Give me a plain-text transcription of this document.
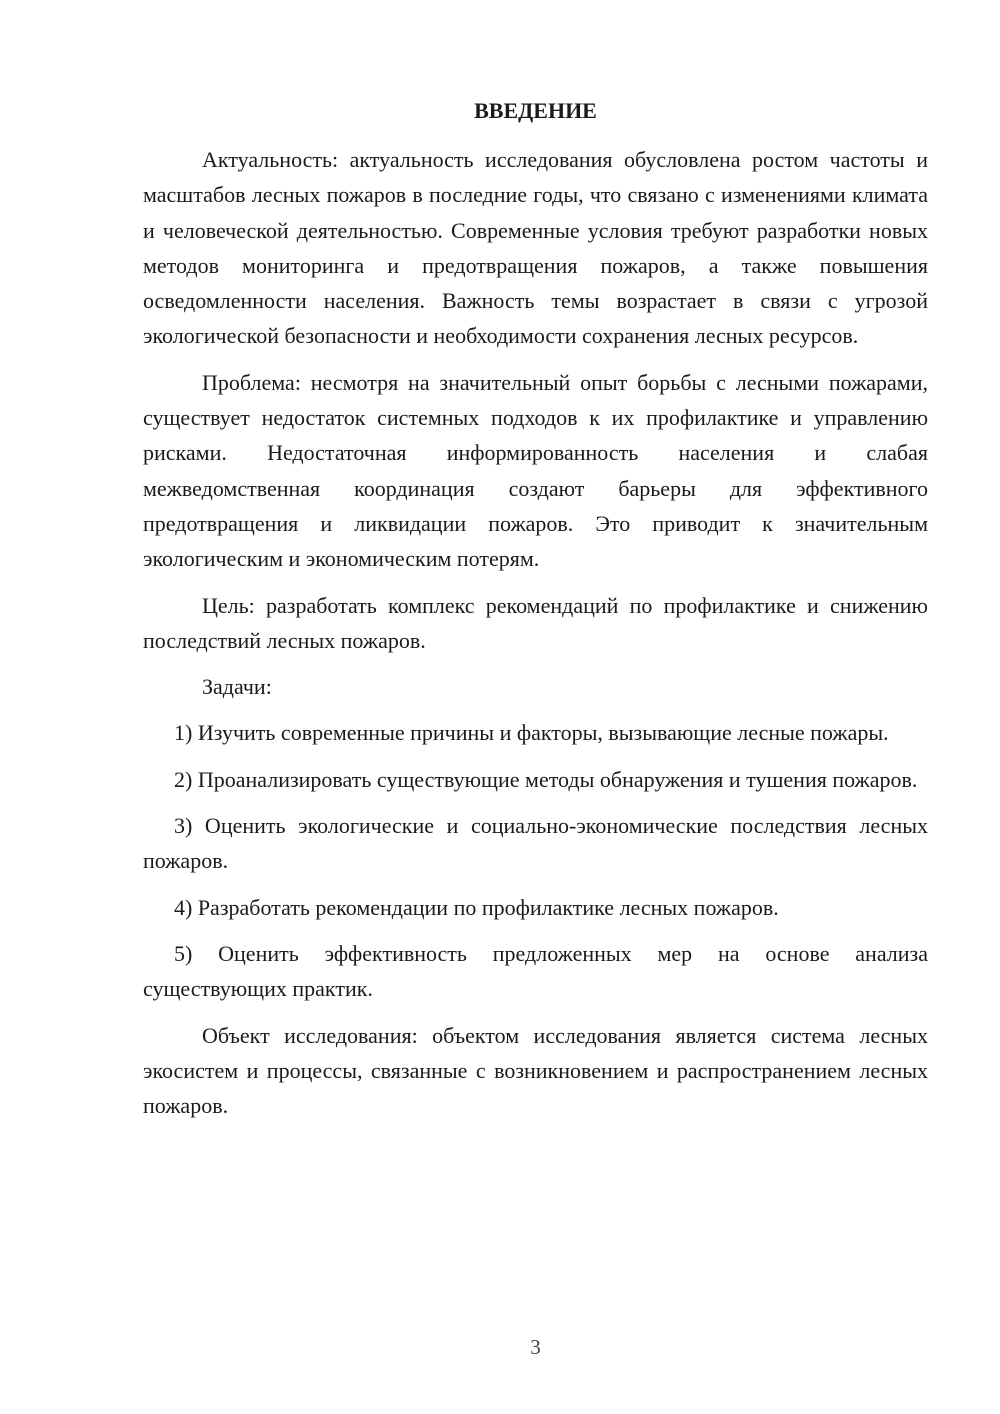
ВВЕДЕНИЕ

Актуальность: актуальность исследования обусловлена ростом частоты и масштабов лесных пожаров в последние годы, что связано с изменениями климата и человеческой деятельностью. Современные условия требуют разработки новых методов мониторинга и предотвращения пожаров, а также повышения осведомленности населения. Важность темы возрастает в связи с угрозой экологической безопасности и необходимости сохранения лесных ресурсов.

Проблема: несмотря на значительный опыт борьбы с лесными пожарами, существует недостаток системных подходов к их профилактике и управлению рисками. Недостаточная информированность населения и слабая межведомственная координация создают барьеры для эффективного предотвращения и ликвидации пожаров. Это приводит к значительным экологическим и экономическим потерям.

Цель: разработать комплекс рекомендаций по профилактике и снижению последствий лесных пожаров.

Задачи:

1) Изучить современные причины и факторы, вызывающие лесные пожары.

2) Проанализировать существующие методы обнаружения и тушения пожаров.

3) Оценить экологические и социально-экономические последствия лесных пожаров.

4) Разработать рекомендации по профилактике лесных пожаров.

5) Оценить эффективность предложенных мер на основе анализа существующих практик.

Объект исследования: объектом исследования является система лесных экосистем и процессы, связанные с возникновением и распространением лесных пожаров.

3
